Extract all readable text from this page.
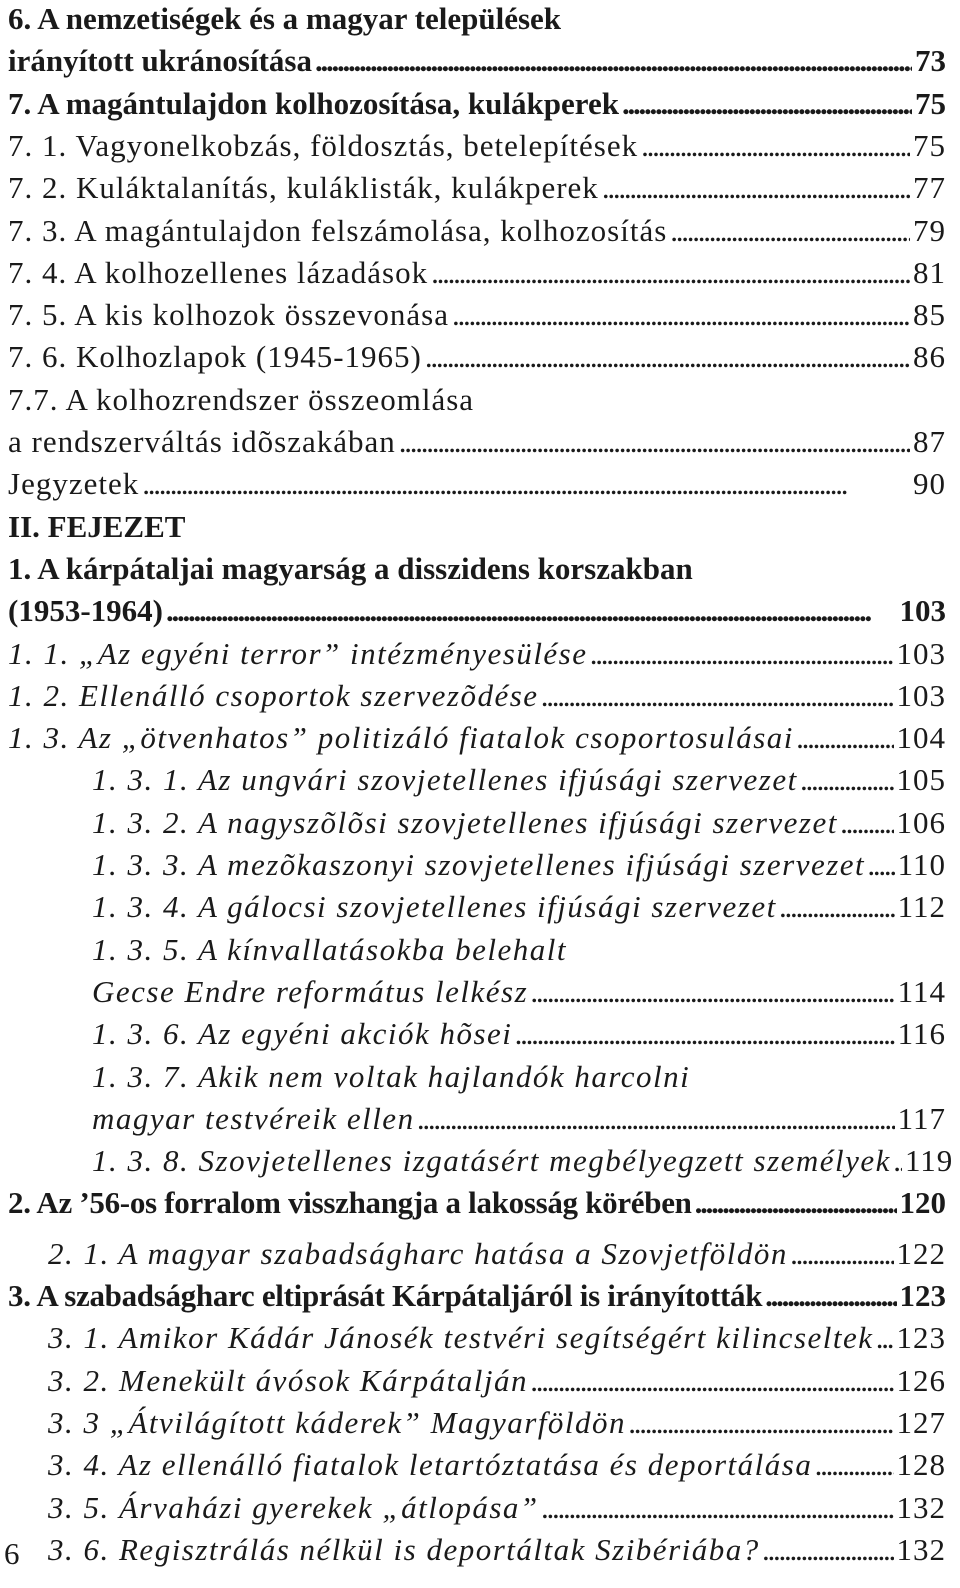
6. A nemzetiségek és a magyar települések
irányított ukránosítása . . .	73
7. A magántulajdon kolhozosítása, kulákperek . . .	75
7. 1. Vagyonelkobzás, földosztás, betelepítések . . .	75
7. 2. Kuláktalanítás, kuláklisták, kulákperek . . .	77
7. 3. A magántulajdon felszámolása, kolhozosítás . . .	79
7. 4. A kolhozellenes lázadások . . .	81
7. 5. A kis kolhozok összevonása . . .	85
7. 6. Kolhozlapok (1945-1965) . . .	86
7.7. A kolhozrendszer összeomlása
a rendszerváltás idõszakában . . .	87
Jegyzetek . . .	90
II. FEJEZET
1. A kárpátaljai magyarság a disszidens korszakban
(1953-1964) . . .	103
1. 1. „Az egyéni terror” intézményesülése . . .	103
1. 2. Ellenálló csoportok szervezõdése . . .	103
1. 3. Az „ötvenhatos” politizáló fiatalok csoportosulásai . . .	104
1. 3. 1. Az ungvári szovjetellenes ifjúsági szervezet . . .	105
1. 3. 2. A nagyszõlõsi szovjetellenes ifjúsági szervezet . . . 106
1. 3. 3. A mezõkaszonyi szovjetellenes ifjúsági szervezet . . . 110
1. 3. 4. A gálocsi szovjetellenes ifjúsági szervezet . . .	112
1. 3. 5. A kínvallatásokba belehalt
Gecse Endre református lelkész . . .	114
1. 3. 6. Az egyéni akciók hõsei . . .	116
1. 3. 7. Akik nem voltak hajlandók harcolni
magyar testvéreik ellen . . .	117
1. 3. 8. Szovjetellenes izgatásért megbélyegzett személyek . . . 119
2. Az ’56-os forralom visszhangja a lakosság körében . . .	120
2. 1. A magyar szabadságharc hatása a Szovjetföldön . . .	122
3. A szabadságharc eltiprását Kárpátaljáról is irányították . . .	123
3. 1. Amikor Kádár Jánosék testvéri segítségért kilincseltek . . . 123
3. 2. Menekült ávósok Kárpátalján . . .	126
3. 3 „Átvilágított káderek” Magyarföldön . . .	127
3. 4. Az ellenálló fiatalok letartóztatása és deportálása . . .	128
3. 5. Árvaházi gyerekek „átlopása” . . .	132
3. 6. Regisztrálás nélkül is deportáltak Szibériába? . . .	132
6
